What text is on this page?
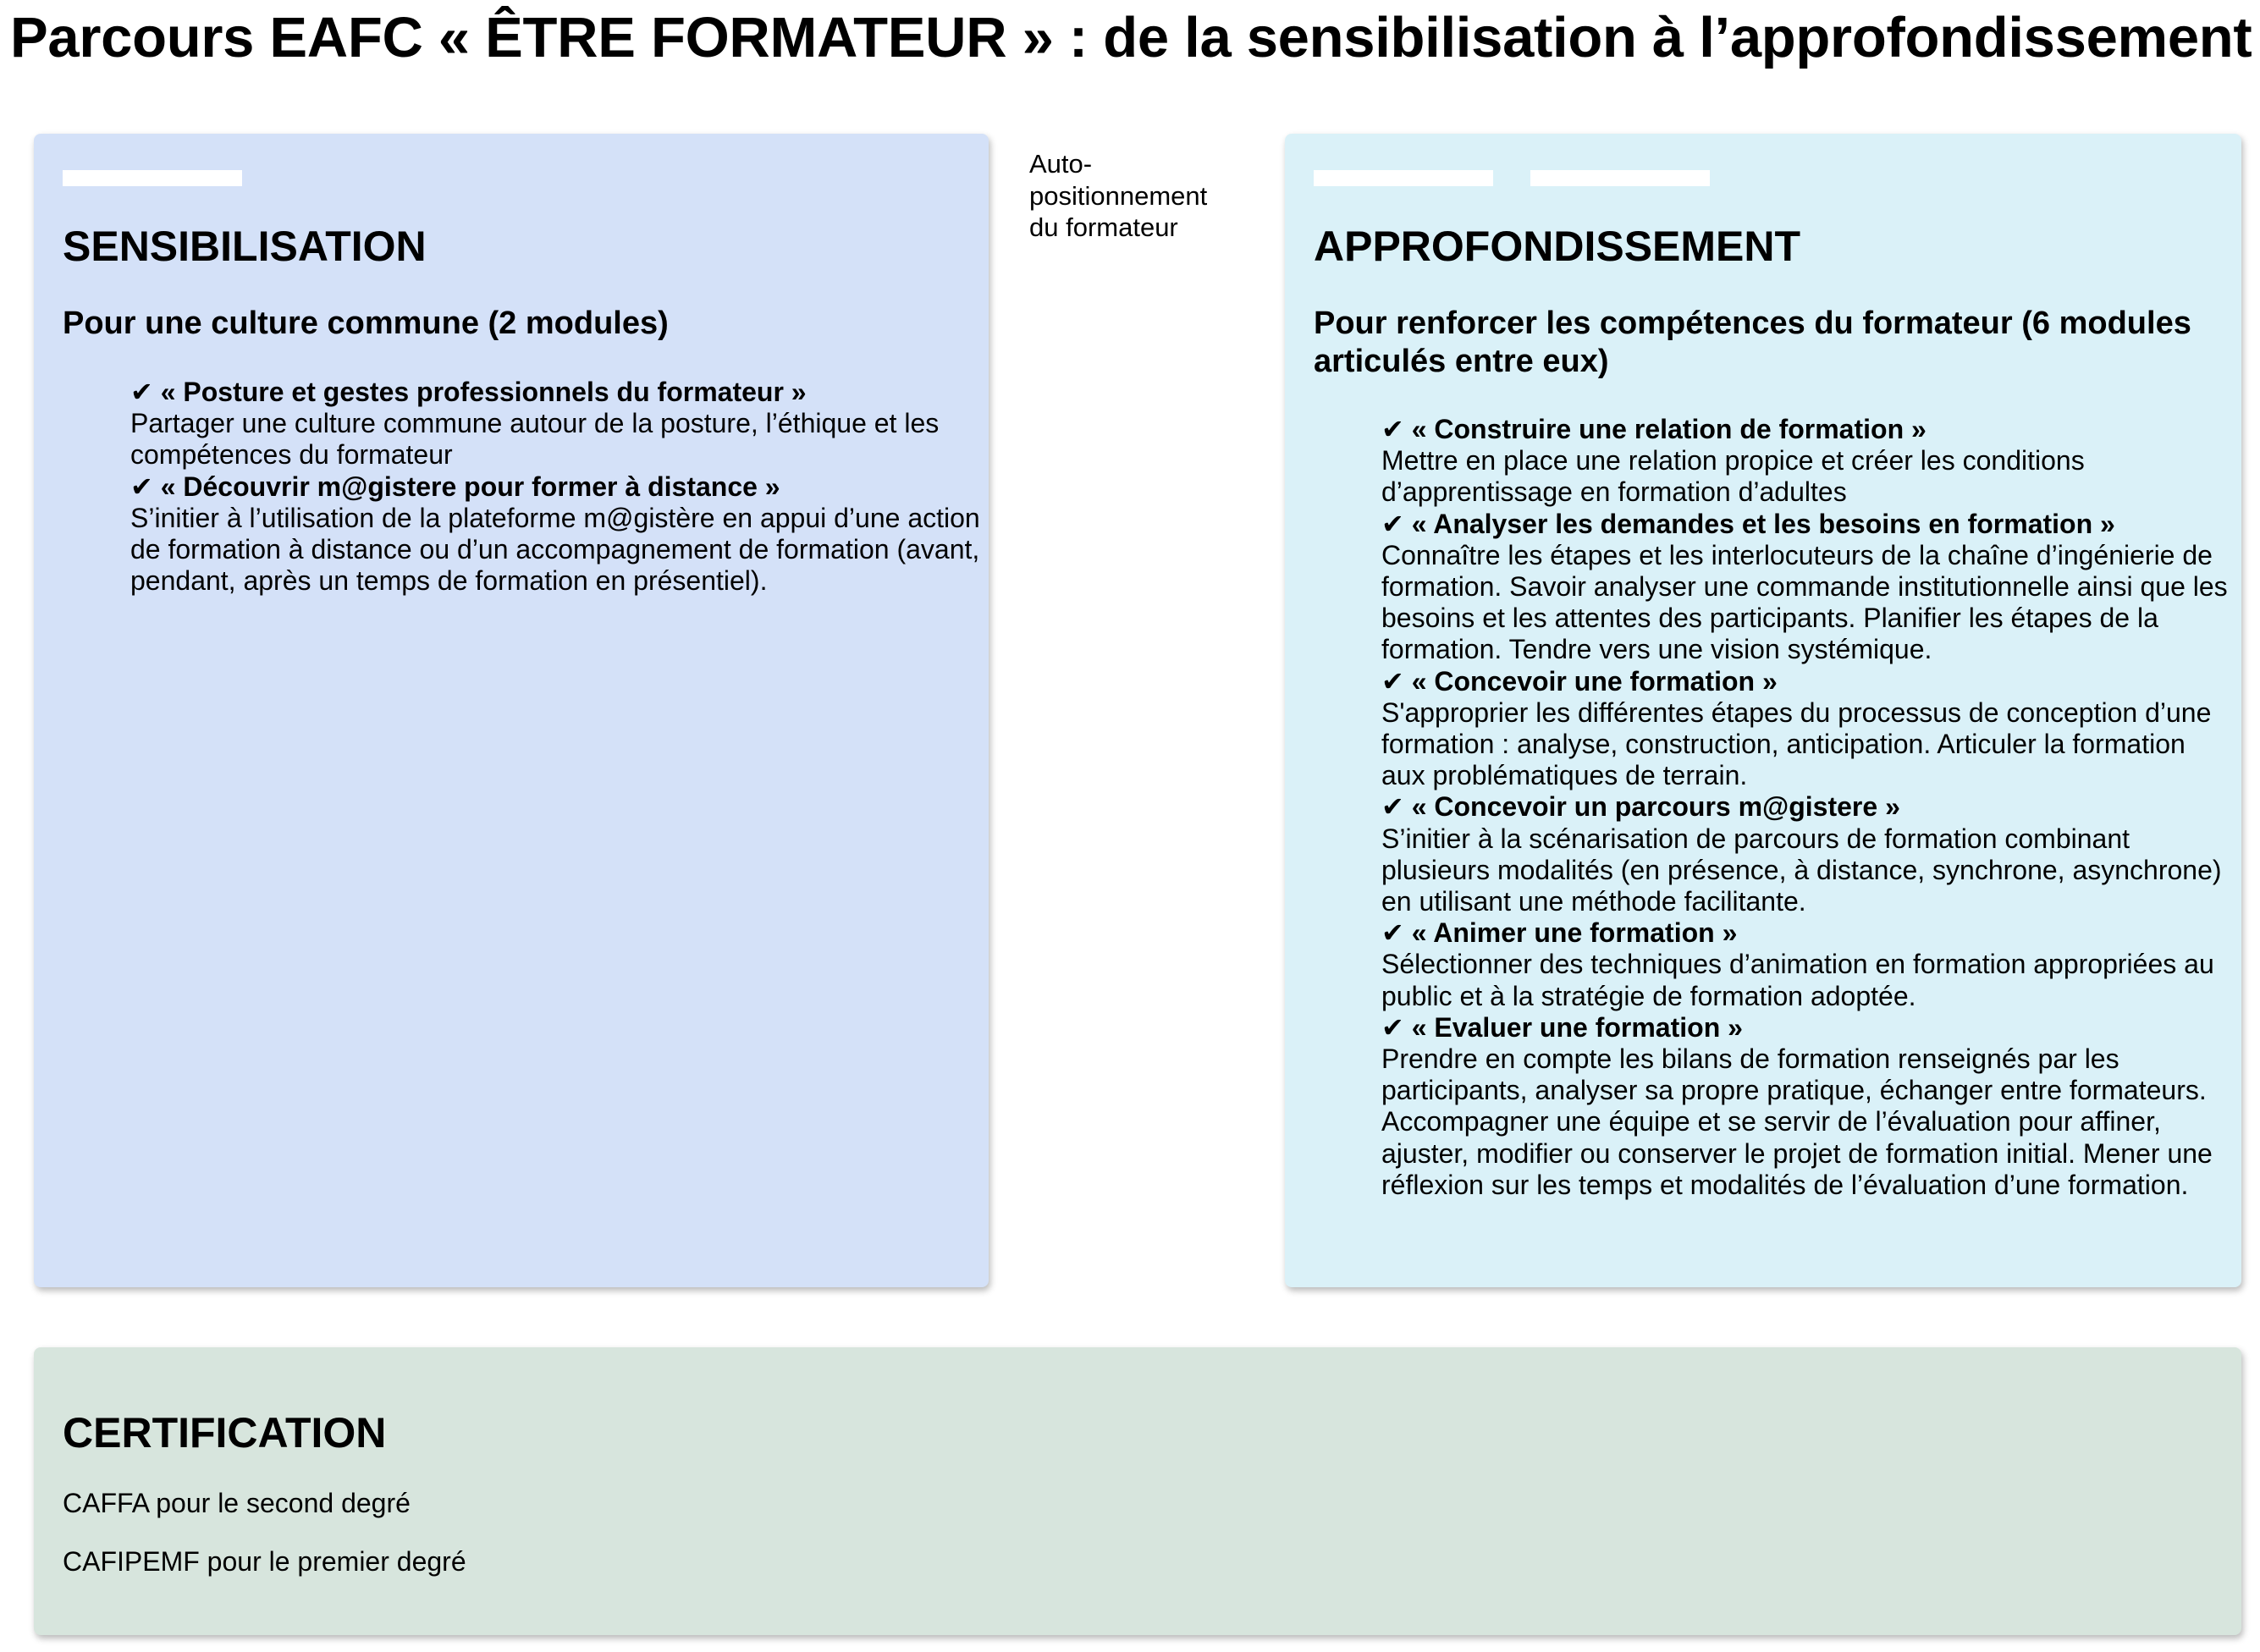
Parcours EAFC « ÊTRE FORMATEUR » : de la sensibilisation à l’approfondissement
SENSIBILISATION
Pour une culture commune (2 modules)
✔ « Posture et gestes professionnels du formateur »
Partager une culture commune autour de la posture, l’éthique et les compétences du formateur
✔ « Découvrir m@gistere pour former à distance »
S’initier à l’utilisation de la plateforme m@gistère en appui d’une action de formation à distance ou d’un accompagnement de formation (avant, pendant, après un temps de formation en présentiel).

Auto-
positionnement
du formateur	APPROFONDISSEMENT
Pour renforcer les compétences du formateur (6 modules articulés entre eux)
✔ « Construire une relation de formation »
Mettre en place une relation propice et créer les conditions d’apprentissage en formation d’adultes
✔ « Analyser les demandes et les besoins en formation »
Connaître les étapes et les interlocuteurs de la chaîne d’ingénierie de formation. Savoir analyser une commande institutionnelle ainsi que les besoins et les attentes des participants. Planifier les étapes de la formation. Tendre vers une vision systémique.
✔ « Concevoir une formation »
S'approprier les différentes étapes du processus de conception d’une formation : analyse, construction, anticipation. Articuler la formation aux problématiques de terrain.
✔ « Concevoir un parcours m@gistere »
S’initier à la scénarisation de parcours de formation combinant plusieurs modalités (en présence, à distance, synchrone, asynchrone) en utilisant une méthode facilitante.
✔ « Animer une formation »
Sélectionner des techniques d’animation en formation appropriées au public et à la stratégie de formation adoptée.
✔ « Evaluer une formation »
Prendre en compte les bilans de formation renseignés par les participants, analyser sa propre pratique, échanger entre formateurs. Accompagner une équipe et se servir de l’évaluation pour affiner, ajuster, modifier ou conserver le projet de formation initial. Mener une réflexion sur les temps et modalités de l’évaluation d’une formation.
CERTIFICATION

CAFFA pour le second degré

CAFIPEMF pour le premier degré
